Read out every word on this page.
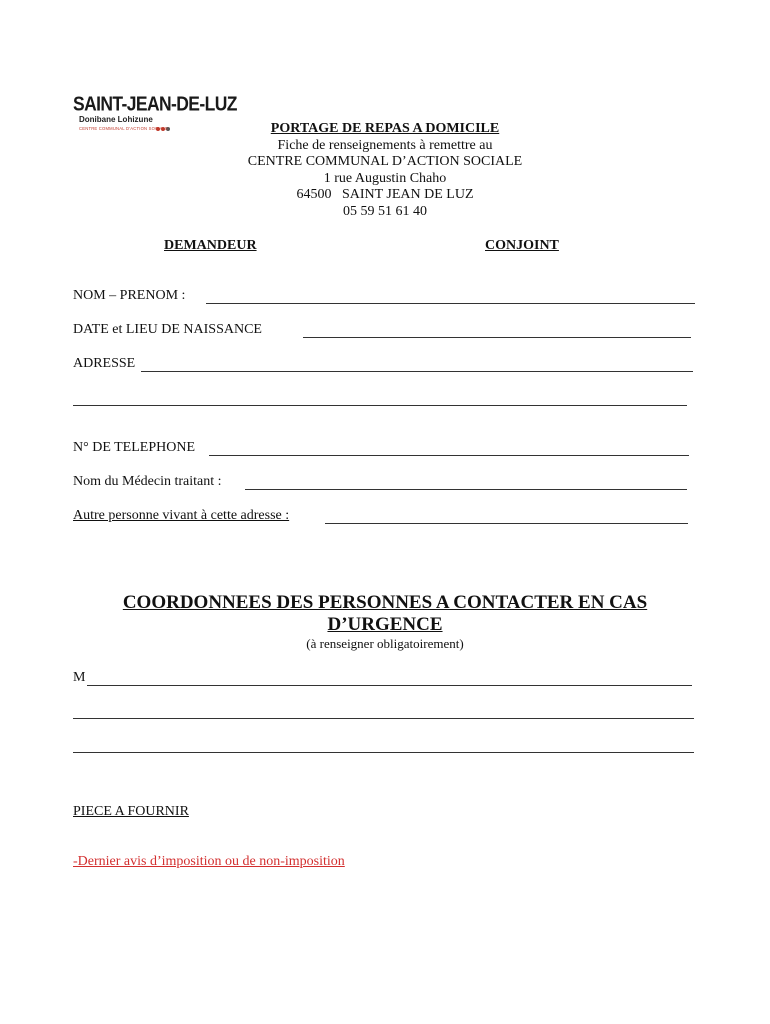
SAINT-JEAN-DE-LUZ
Donibane Lohizune
CENTRE COMMUNAL D'ACTION SOCIALE	PORTAGE DE REPAS A DOMICILE
Fiche de renseignements à remettre au
CENTRE COMMUNAL D’ACTION SOCIALE
1 rue Augustin Chaho
64500   SAINT JEAN DE LUZ
05 59 51 61 40
DEMANDEUR	CONJOINT
NOM – PRENOM :
DATE et LIEU DE NAISSANCE
ADRESSE
N° DE TELEPHONE
Nom du Médecin traitant :
Autre personne vivant à cette adresse :
COORDONNEES DES PERSONNES A CONTACTER EN CAS
D’URGENCE
(à renseigner obligatoirement)
M
PIECE A FOURNIR
-Dernier avis d’imposition ou de non-imposition
